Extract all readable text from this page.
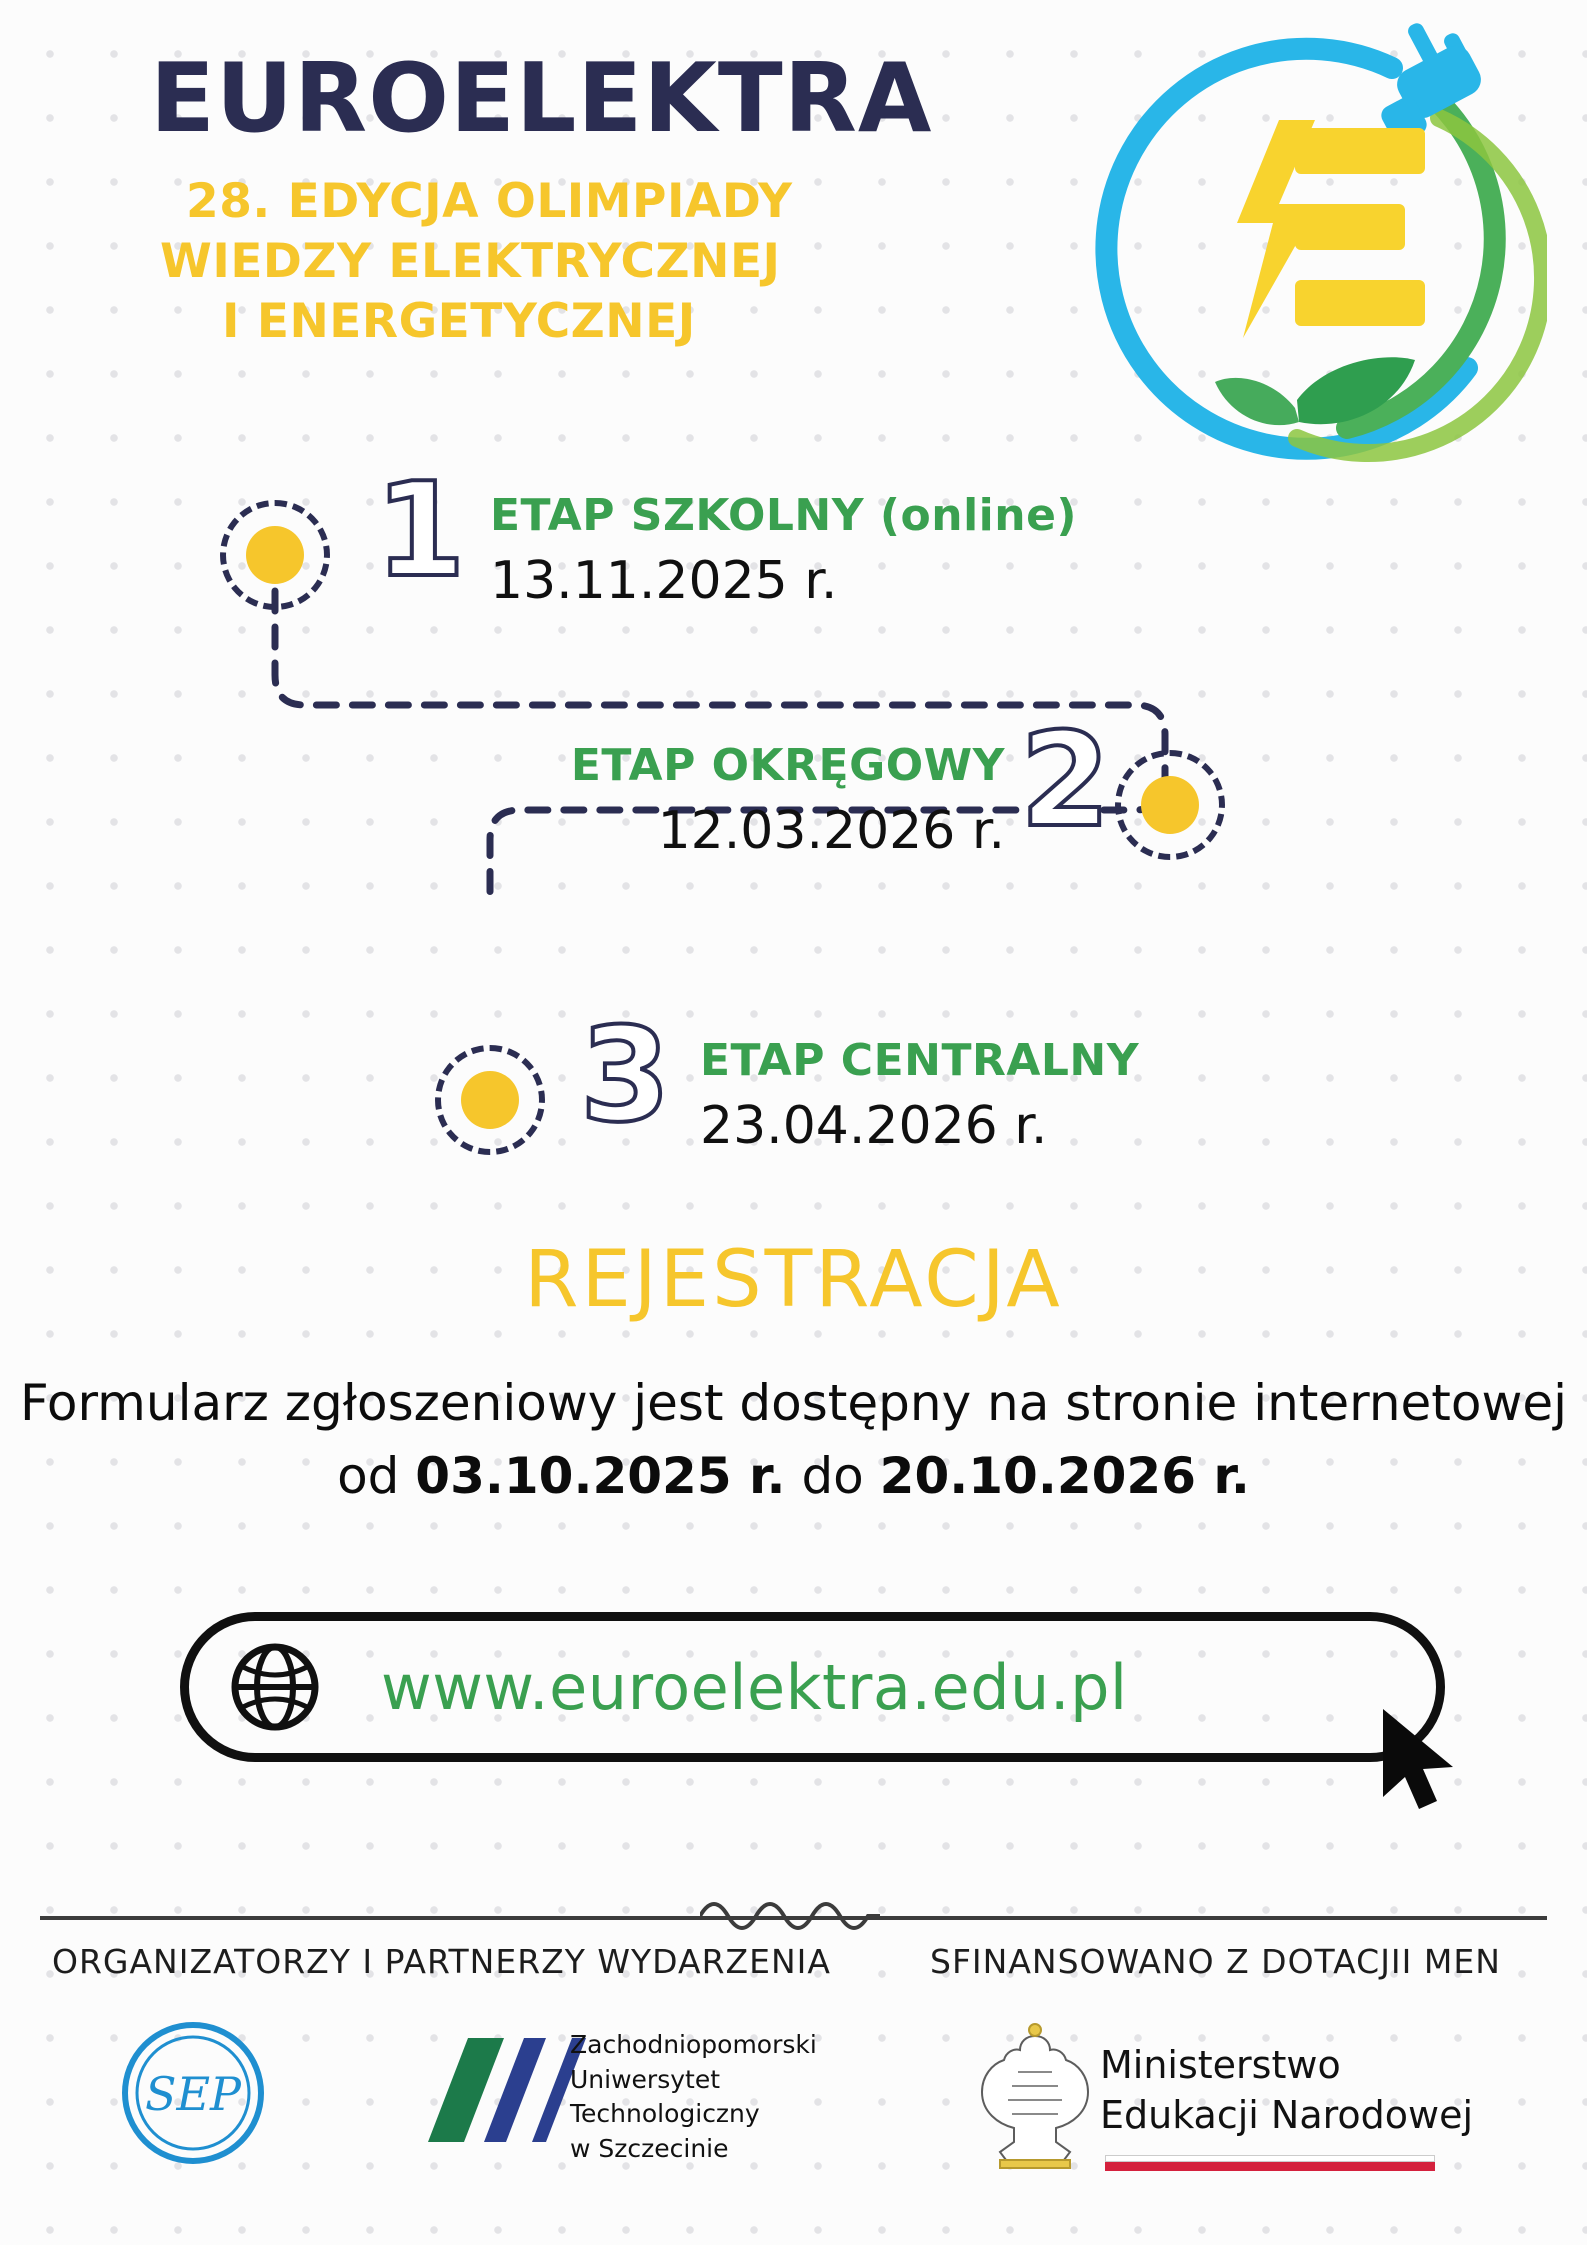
EUROELEKTRA
28. EDYCJA OLIMPIADY
WIEDZY ELEKTRYCZNEJ
I ENERGETYCZNEJ
1 ETAP SZKOLNY (online)
13.11.2025 r.
2
ETAP OKRĘGOWY
12.03.2026 r.
3 ETAP CENTRALNY
23.04.2026 r.
REJESTRACJA
Formularz zgłoszeniowy jest dostępny na stronie internetowej od 03.10.2025 r. do 20.10.2026 r.
www.euroelektra.edu.pl
ORGANIZATORZY I PARTNERZY WYDARZENIA	SFINANSOWANO Z DOTACJII MEN
SEP
Zachodniopomorski
Uniwersytet
Technologiczny
w Szczecinie
Ministerstwo
Edukacji Narodowej
